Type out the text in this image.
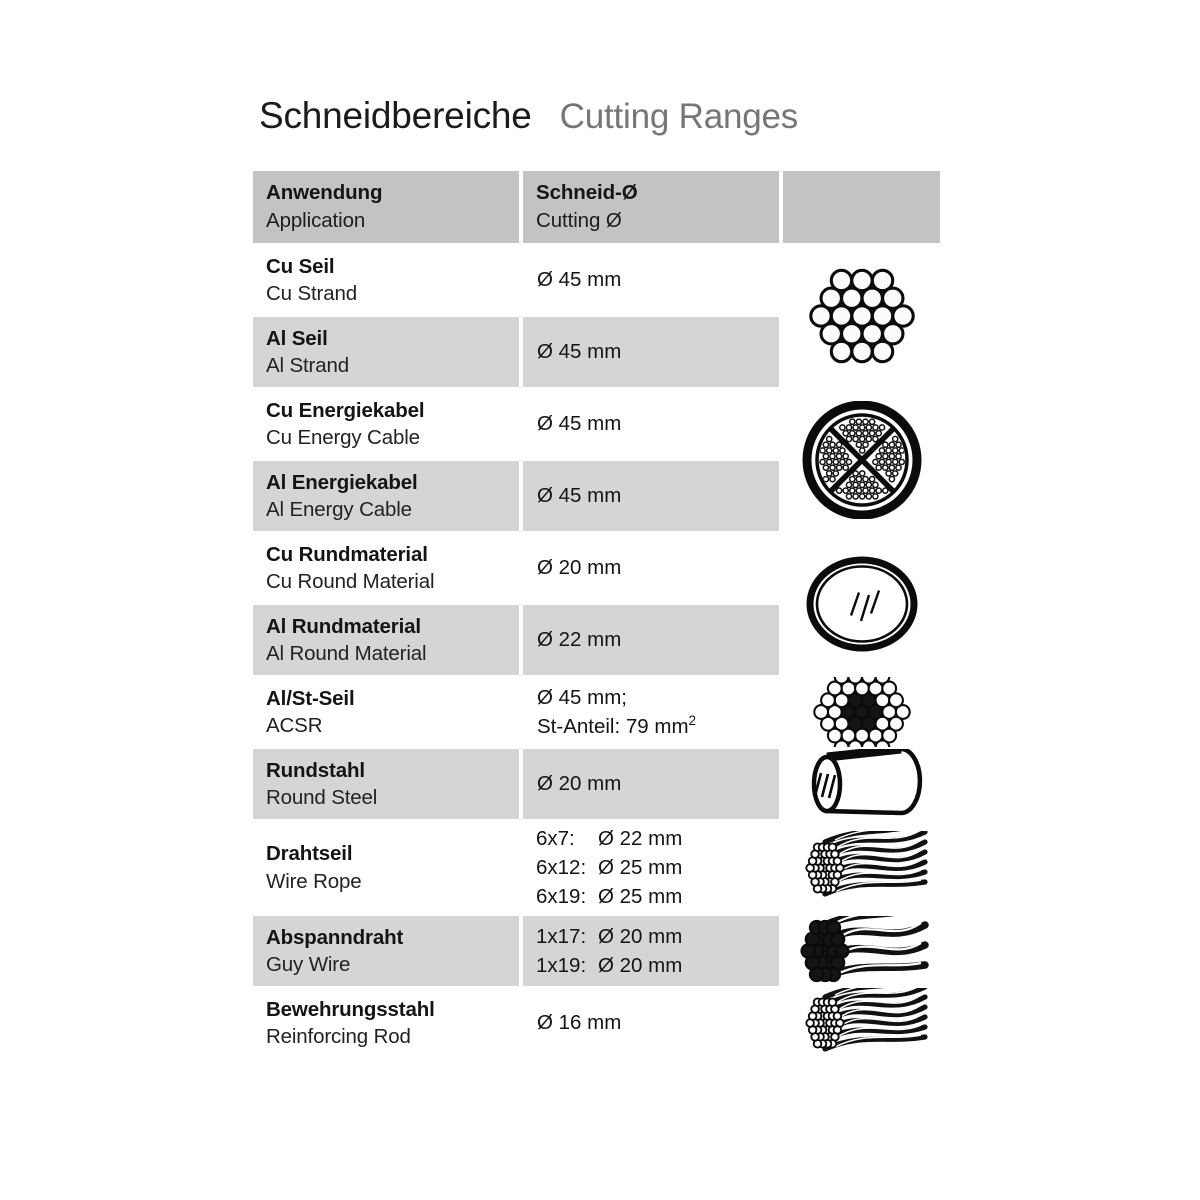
Schneidbereiche Cutting Ranges
Anwendung
Application
Schneid-Ø
Cutting Ø
Cu Seil
Cu Strand
Ø 45 mm
Al Seil
Al Strand
Ø 45 mm
Cu Energiekabel
Cu Energy Cable
Ø 45 mm
Al Energiekabel
Al Energy Cable
Ø 45 mm
Cu Rundmaterial
Cu Round Material
Ø 20 mm
Al Rundmaterial
Al Round Material
Ø 22 mm
Al/St-Seil
ACSR
Ø 45 mm;
St-Anteil: 79 $mm^2$
Rundstahl
Round Steel
Ø 20 mm
Drahtseil
Wire Rope
6x7:	Ø 22 mm
6x12: Ø 25 mm
6x19: Ø 25 mm
Abspanndraht
Guy Wire
1x17: Ø 20 mm
1x19: Ø 20 mm
Bewehrungsstahl
Reinforcing Rod
Ø 16 mm
